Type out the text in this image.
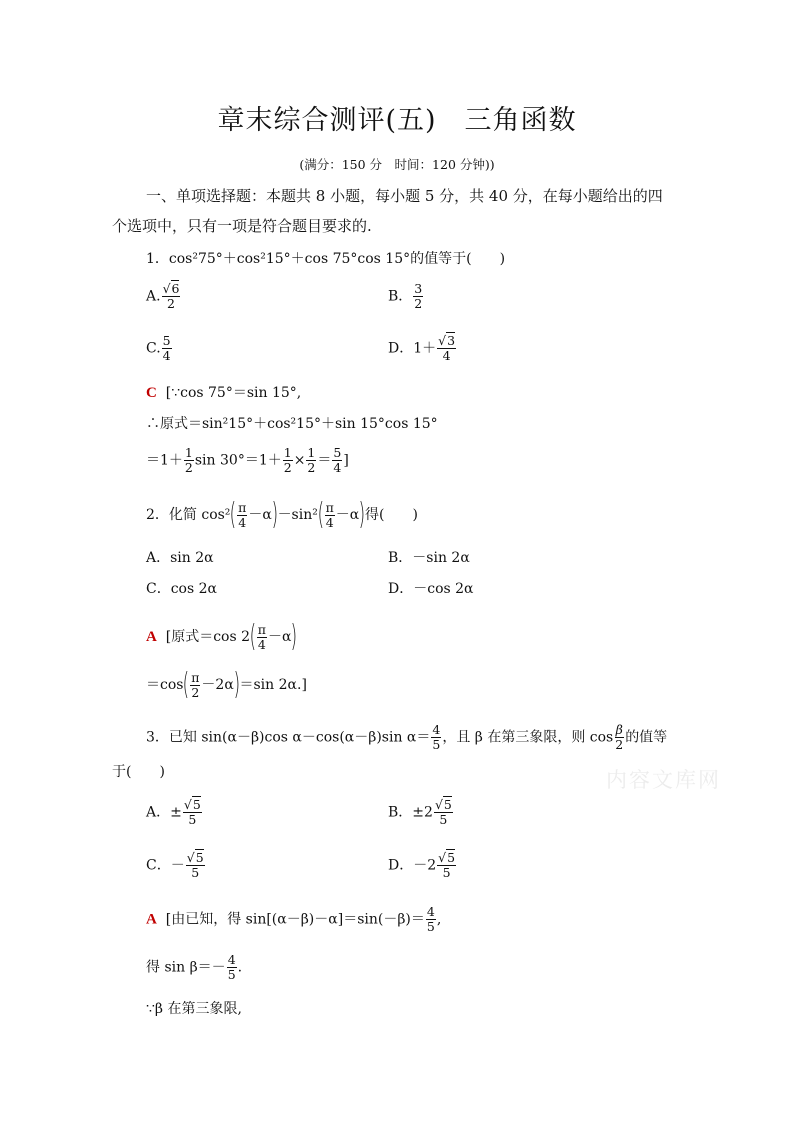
章末综合测评(五) 三角函数
(满分：150 分　时间：120 分钟))
一、单项选择题：本题共 8 小题，每小题 5 分，共 40 分，在每小题给出的四
个选项中，只有一项是符合题目要求的.
1．cos²75°＋cos²15°＋cos 75°cos 15°的值等于(　　)
A. $\frac{√6}{2}$	B． $\frac{3}{2}$
C. $\frac{5}{4}$	D．$1+ \frac{√3}{4}$
C [∵cos 75°＝sin 15°,
∴原式＝sin²15°＋cos²15°＋sin 15°cos 15°
$=1+ \frac{1}{2}$ $\sin 30^\circ=1+ \frac{1}{2} \times \frac{1}{2} = \frac{5}{4}$ ]
2．化简 $\cos^2( \frac{\pi}{4} -\alpha)-\sin^2( \frac{\pi}{4} -\alpha)$得(　　)
A．sin 2α	B．－sin 2α
C．cos 2α	D．－cos 2α
A [原式＝cos $2( \frac{\pi}{4} -\alpha)$
$=\cos( \frac{\pi}{2} -2\alpha)=\sin$ 2α.]
3．已知 sin(α－β)cos α－cos(α－β)sin $\alpha= \frac{4}{5}$ ，且 β 在第三象限，则 $\cos \frac{\beta}{2}$ 的值等
于(　　)
A．± $\frac{√5}{5}$	B．$\pm 2 \frac{√5}{5}$
C．－ $\frac{√5}{5}$	D．$-2 \frac{√5}{5}$
A [由已知，得 $\sin[(\alpha-\beta)-\alpha]=\sin(-\beta)= \frac{4}{5}$ ,
得 $\sin \beta=- \frac{4}{5}$ .
∵β 在第三象限,
内容文库网
